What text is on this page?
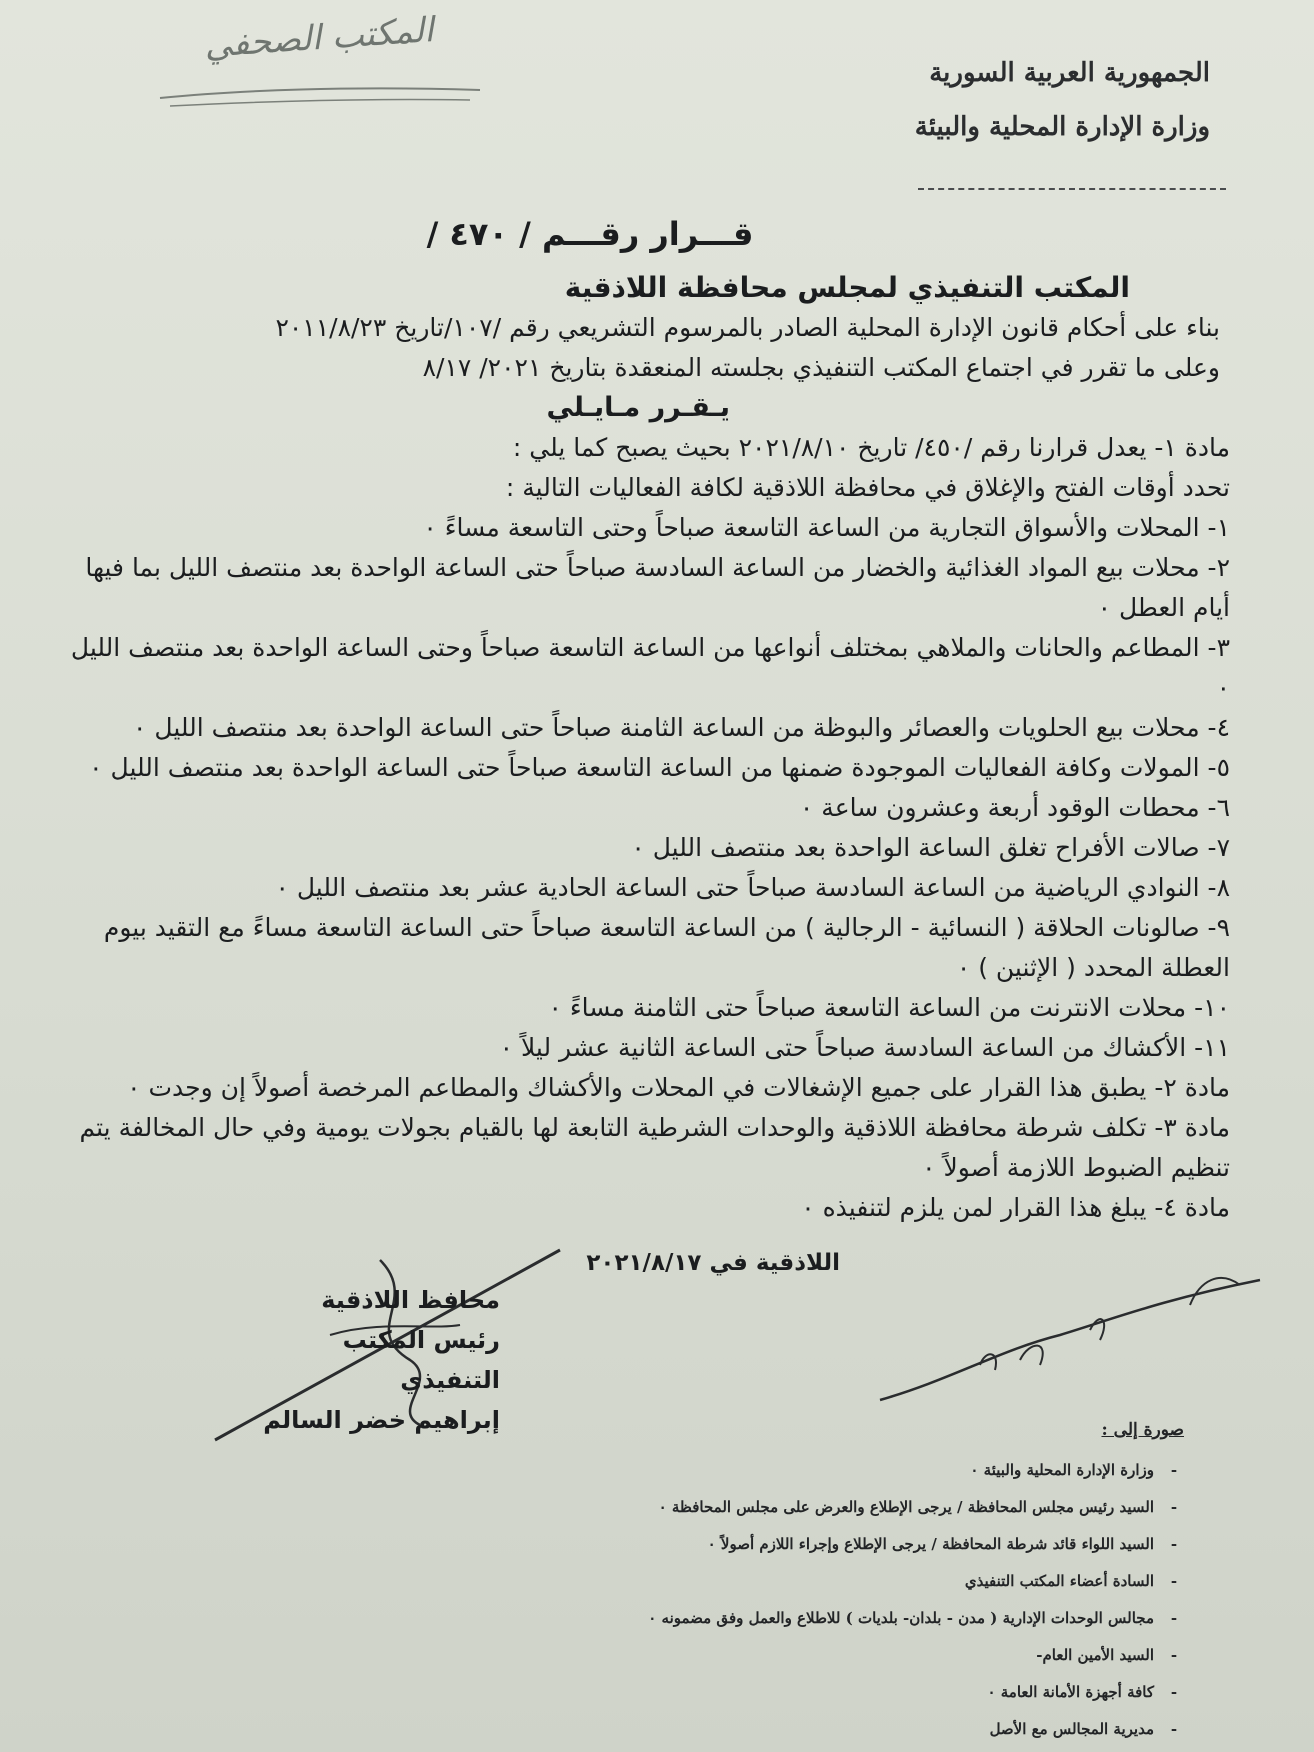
المكتب الصحفي
الجمهورية العربية السورية
وزارة الإدارة المحلية والبيئة
قـــرار رقـــم / ٤٧٠ /

المكتب التنفيذي لمجلس محافظة اللاذقية

بناء على أحكام قانون الإدارة المحلية الصادر بالمرسوم التشريعي رقم /١٠٧/تاريخ ٢٠١١/٨/٢٣

وعلى ما تقرر في اجتماع المكتب التنفيذي بجلسته المنعقدة بتاريخ ٢٠٢١/ ٨/١٧

يـقـرر مـايـلي

مادة ١- يعدل قرارنا رقم /٤٥٠/ تاريخ ٢٠٢١/٨/١٠ بحيث يصبح كما يلي :

تحدد أوقات الفتح والإغلاق في محافظة اللاذقية لكافة الفعاليات التالية :

١- المحلات والأسواق التجارية من الساعة التاسعة صباحاً وحتى التاسعة مساءً ٠

٢- محلات بيع المواد الغذائية والخضار من الساعة السادسة صباحاً حتى الساعة الواحدة بعد منتصف الليل بما فيها أيام العطل ٠

٣- المطاعم والحانات والملاهي بمختلف أنواعها من الساعة التاسعة صباحاً وحتى الساعة الواحدة بعد منتصف الليل ٠

٤- محلات بيع الحلويات والعصائر والبوظة من الساعة الثامنة صباحاً حتى الساعة الواحدة بعد منتصف الليل ٠

٥- المولات وكافة الفعاليات الموجودة ضمنها من الساعة التاسعة صباحاً حتى الساعة الواحدة بعد منتصف الليل ٠

٦- محطات الوقود أربعة وعشرون ساعة ٠

٧- صالات الأفراح تغلق الساعة الواحدة بعد منتصف الليل ٠

٨- النوادي الرياضية من الساعة السادسة صباحاً حتى الساعة الحادية عشر بعد منتصف الليل ٠

٩- صالونات الحلاقة ( النسائية - الرجالية ) من الساعة التاسعة صباحاً حتى الساعة التاسعة مساءً مع التقيد بيوم العطلة المحدد ( الإثنين ) ٠

١٠- محلات الانترنت من الساعة التاسعة صباحاً حتى الثامنة مساءً ٠

١١- الأكشاك من الساعة السادسة صباحاً حتى الساعة الثانية عشر ليلاً ٠

مادة ٢- يطبق هذا القرار على جميع الإشغالات في المحلات والأكشاك والمطاعم المرخصة أصولاً إن وجدت ٠

مادة ٣- تكلف شرطة محافظة اللاذقية والوحدات الشرطية التابعة لها بالقيام بجولات يومية وفي حال المخالفة يتم تنظيم الضبوط اللازمة أصولاً ٠

مادة ٤- يبلغ هذا القرار لمن يلزم لتنفيذه ٠

اللاذقية في ٢٠٢١/٨/١٧
محافظ اللاذقية
رئيس المكتب التنفيذي
إبراهيم خضر السالم	صورة إلى :
-وزارة الإدارة المحلية والبيئة ٠
-السيد رئيس مجلس المحافظة / يرجى الإطلاع والعرض على مجلس المحافظة ٠
-السيد اللواء قائد شرطة المحافظة / يرجى الإطلاع وإجراء اللازم أصولاً ٠
-السادة أعضاء المكتب التنفيذي
-مجالس الوحدات الإدارية ( مدن - بلدان- بلديات ) للاطلاع والعمل وفق مضمونه ٠
-السيد الأمين العام-
-كافة أجهزة الأمانة العامة ٠
-مديرية المجالس مع الأصل
